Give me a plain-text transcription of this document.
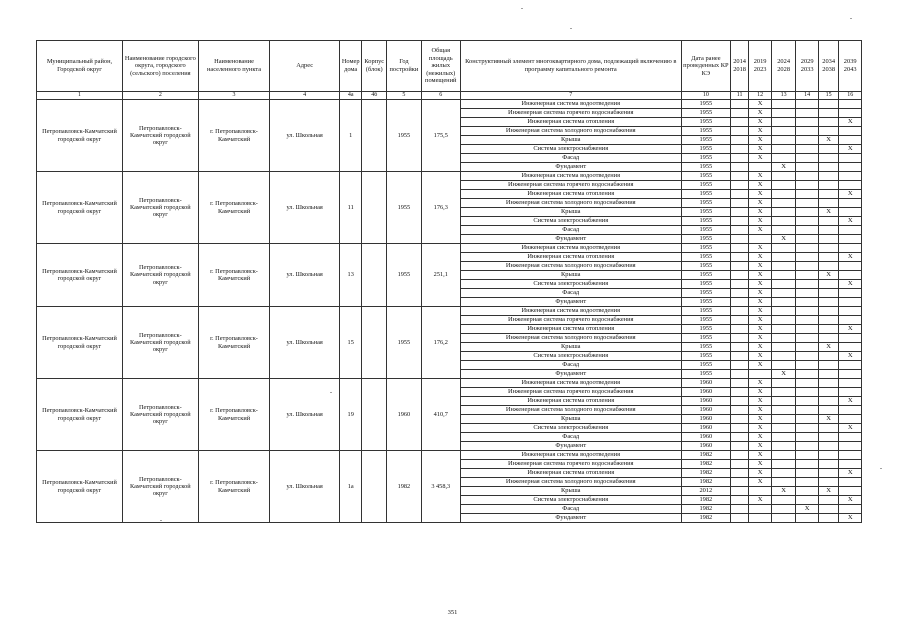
Муниципальный район, Городской округ	Наименование городского округа, городского (сельского) поселения	Наименование населенного пункта	Адрес	Номер дома	Корпус (блок)	Год постройки	Общая площадь жилых (нежилых) помещений	Конструктивный элемент многоквартирного дома, подлежащий включению в программу капитального ремонта	Дата ранее проведенных КР КЭ	2014 2018	2019 2023	2024 2028	2029 2033	2034 2038	2039 2043
1	2	3	4	4а	4б	5	6	7	10	11	12	13	14	15	16
Петропавловск-Камчатский городской округ	Петропавловск-Камчатский городской округ	г. Петропавловск-Камчатский	ул. Школьная	1		1955	175,5	Инженерная система водоотведения	1955		X				
								Инженерная система горячего водоснабжения	1955		X				
								Инженерная система отопления	1955		X				X
								Инженерная система холодного водоснабжения	1955		X				
								Крыша	1955		X			X	
								Система электроснабжения	1955		X				X
								Фасад	1955		X				
								Фундамент	1955			X			
Петропавловск-Камчатский городской округ	Петропавловск-Камчатский городской округ	г. Петропавловск-Камчатский	ул. Школьная	11		1955	176,3	Инженерная система водоотведения	1955		X				
								Инженерная система горячего водоснабжения	1955		X				
								Инженерная система отопления	1955		X				X
								Инженерная система холодного водоснабжения	1955		X				
								Крыша	1955		X			X	
								Система электроснабжения	1955		X				X
								Фасад	1955		X				
								Фундамент	1955			X			
Петропавловск-Камчатский городской округ	Петропавловск-Камчатский городской округ	г. Петропавловск-Камчатский	ул. Школьная	13		1955	251,1	Инженерная система водоотведения	1955		X				
								Инженерная система отопления	1955		X				X
								Инженерная система холодного водоснабжения	1955		X				
								Крыша	1955		X			X	
								Система электроснабжения	1955		X				X
								Фасад	1955		X				
								Фундамент	1955		X				
Петропавловск-Камчатский городской округ	Петропавловск-Камчатский городской округ	г. Петропавловск-Камчатский	ул. Школьная	15		1955	176,2	Инженерная система водоотведения	1955		X				
								Инженерная система горячего водоснабжения	1955		X				
								Инженерная система отопления	1955		X				X
								Инженерная система холодного водоснабжения	1955		X				
								Крыша	1955		X			X	
								Система электроснабжения	1955		X				X
								Фасад	1955		X				
								Фундамент	1955			X			
Петропавловск-Камчатский городской округ	Петропавловск-Камчатский городской округ	г. Петропавловск-Камчатский	ул. Школьная	19		1960	410,7	Инженерная система водоотведения	1960		X				
								Инженерная система горячего водоснабжения	1960		X				
								Инженерная система отопления	1960		X				X
								Инженерная система холодного водоснабжения	1960		X				
								Крыша	1960		X			X	
								Система электроснабжения	1960		X				X
								Фасад	1960		X				
								Фундамент	1960		X				
Петропавловск-Камчатский городской округ	Петропавловск-Камчатский городской округ	г. Петропавловск-Камчатский	ул. Школьная	1а		1982	3 458,3	Инженерная система водоотведения	1982		X				
								Инженерная система горячего водоснабжения	1982		X				
								Инженерная система отопления	1982		X				X
								Инженерная система холодного водоснабжения	1982		X				
								Крыша	2012			X		X	
								Система электроснабжения	1982		X				X
								Фасад	1982				X		
								Фундамент	1982						X
351
